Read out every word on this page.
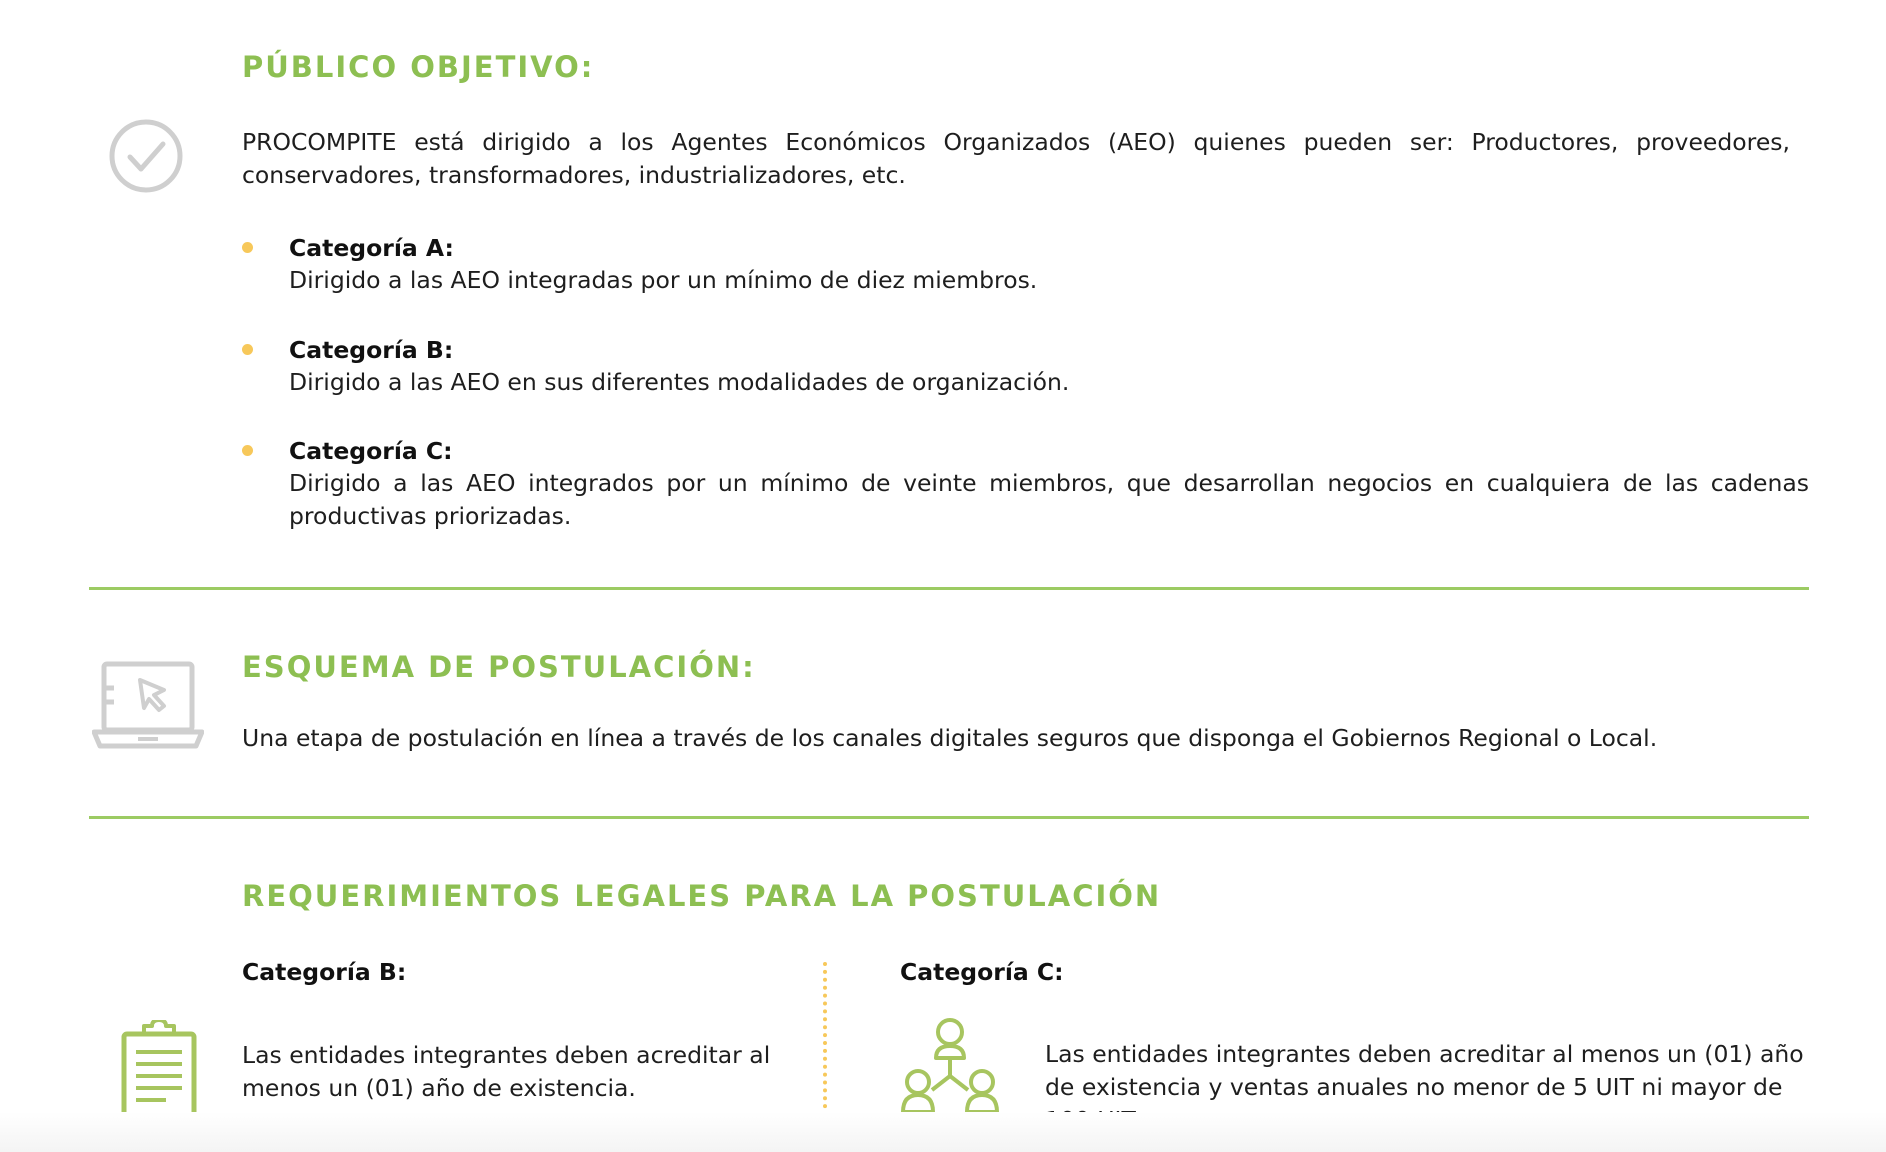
PÚBLICO OBJETIVO:

PROCOMPITE está dirigido a los Agentes Económicos Organizados (AEO) quienes pueden ser: Productores, proveedores, conservadores, transformadores, industrializadores, etc.

Categoría A:
Dirigido a las AEO integradas por un mínimo de diez miembros.
Categoría B:
Dirigido a las AEO en sus diferentes modalidades de organización.
Categoría C:
Dirigido a las AEO integrados por un mínimo de veinte miembros, que desarrollan negocios en cualquiera de las cadenas productivas priorizadas.
ESQUEMA DE POSTULACIÓN:

Una etapa de postulación en línea a través de los canales digitales seguros que disponga el Gobiernos Regional o Local.

REQUERIMIENTOS LEGALES PARA LA POSTULACIÓN
Categoría B:	Categoría C:

Las entidades integrantes deben acreditar al menos un (01) año de existencia.

Las entidades integrantes deben acreditar al menos un (01) año de existencia y ventas anuales no menor de 5 UIT ni mayor de
